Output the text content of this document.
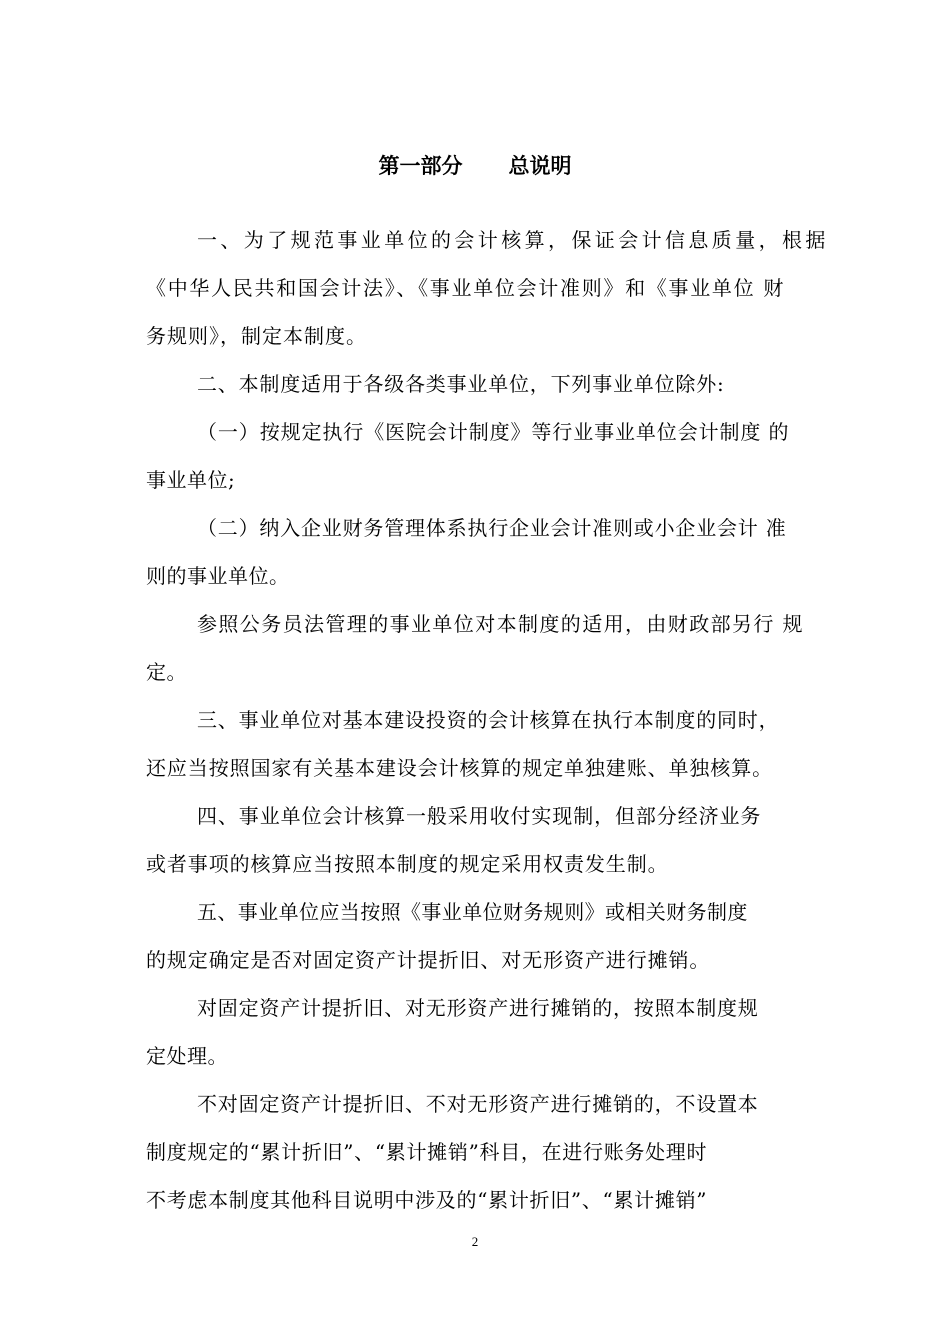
第一部分 总说明
一、为了规范事业单位的会计核算，保证会计信息质量，根据
《中华人民共和国会计法》、《事业单位会计准则》和《事业单位 财
务规则》，制定本制度。
二、本制度适用于各级各类事业单位，下列事业单位除外:
（一）按规定执行《医院会计制度》等行业事业单位会计制度 的
事业单位;
（二）纳入企业财务管理体系执行企业会计准则或小企业会计 准
则的事业单位。
参照公务员法管理的事业单位对本制度的适用，由财政部另行 规
定。
三、事业单位对基本建设投资的会计核算在执行本制度的同时，
还应当按照国家有关基本建设会计核算的规定单独建账、单独核算。
四、事业单位会计核算一般采用收付实现制，但部分经济业务
或者事项的核算应当按照本制度的规定采用权责发生制。
五、事业单位应当按照《事业单位财务规则》或相关财务制度
的规定确定是否对固定资产计提折旧、对无形资产进行摊销。
对固定资产计提折旧、对无形资产进行摊销的，按照本制度规
定处理。
不对固定资产计提折旧、不对无形资产进行摊销的，不设置本
制度规定的“累计折旧”、“累计摊销”科目，在进行账务处理时
不考虑本制度其他科目说明中涉及的“累计折旧”、“累计摊销”
2
